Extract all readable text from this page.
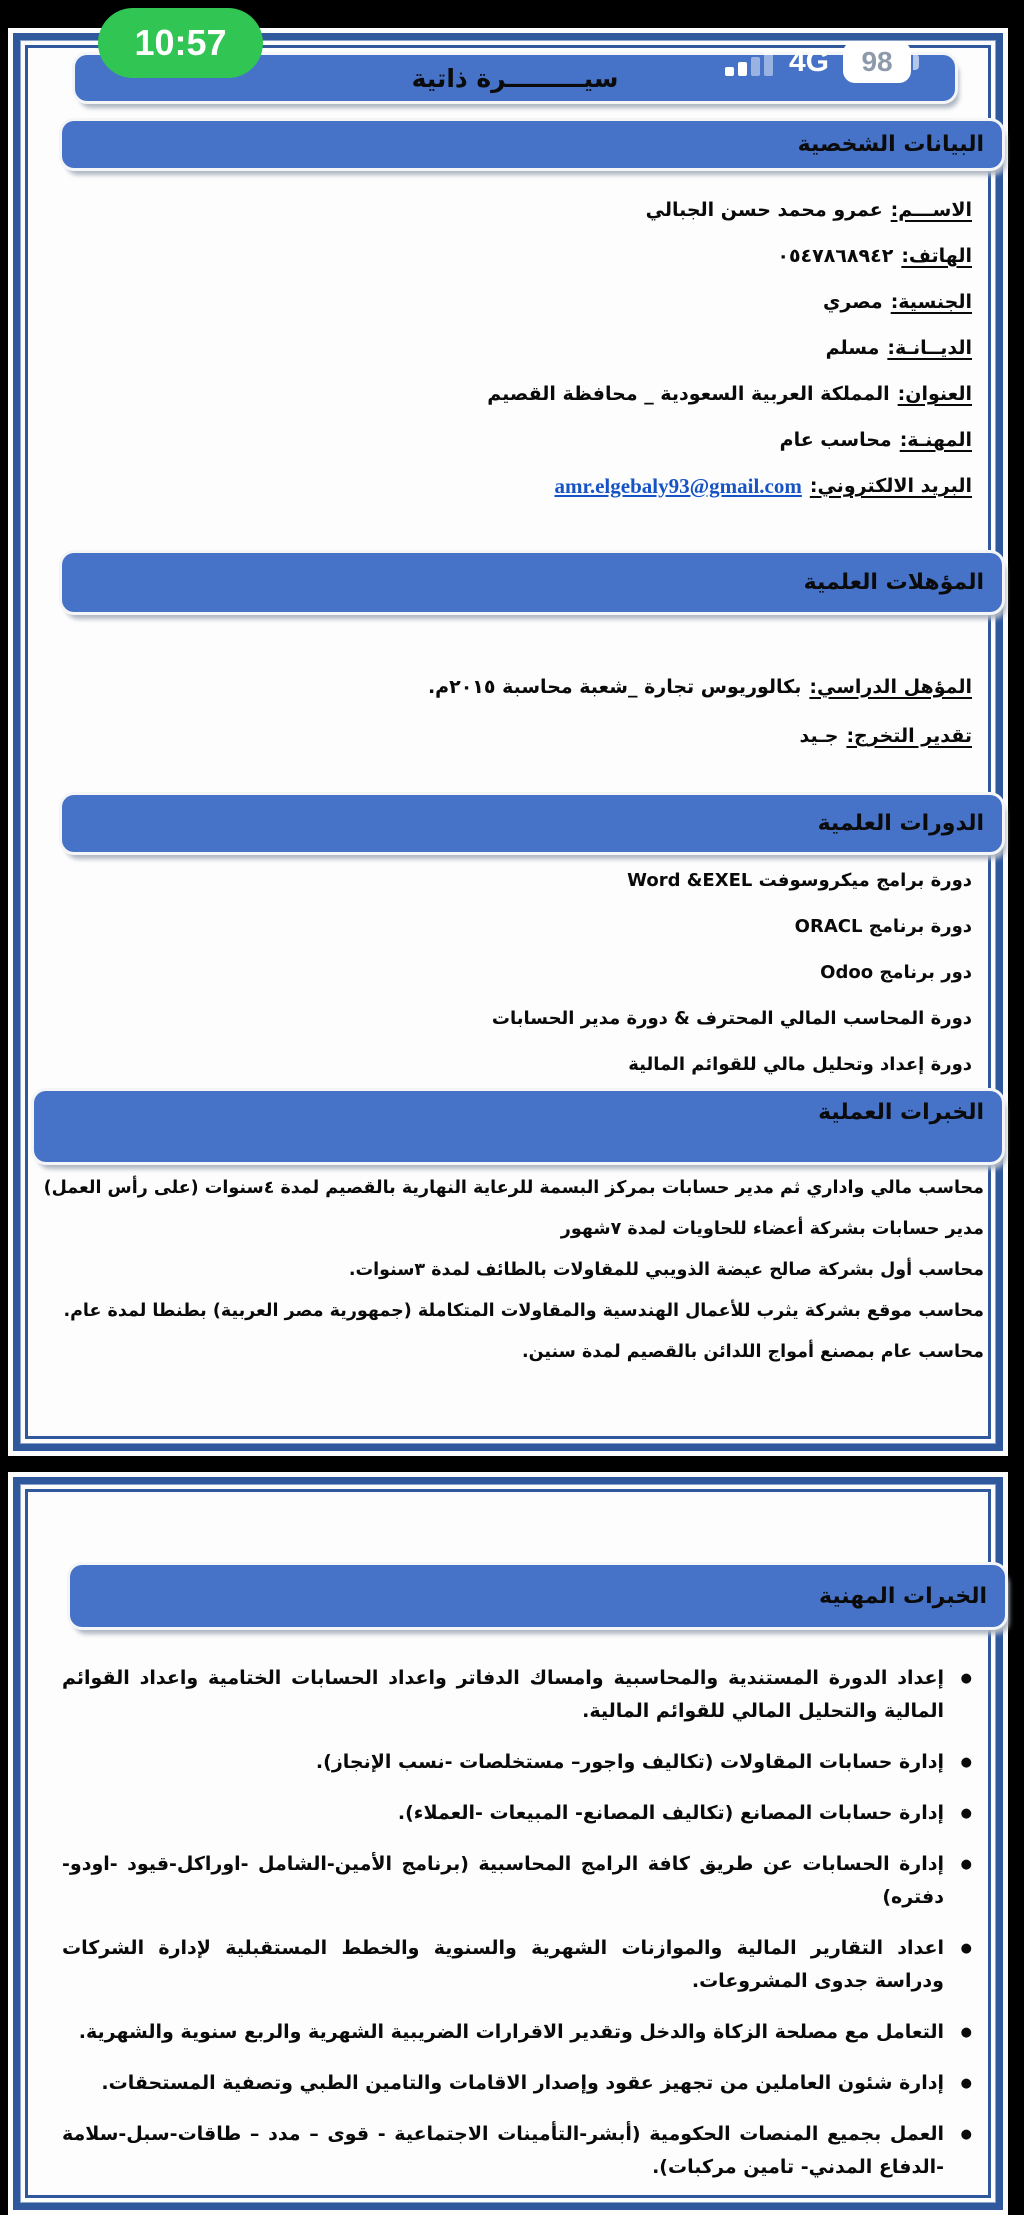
سيـــــــــرة ذاتية
البيانات الشخصية
المؤهلات العلمية
الدورات العلمية
الخبرات العملية
الخبرات المهنية
الاســـم:
عمرو محمد حسن الجبالي
الهاتف:
٠٥٤٧٨٦٨٩٤٢
الجنسية:
مصري
الديــانـة:
مسلم
العنوان:
المملكة العربية السعودية _ محافظة القصيم
المهنـة:
محاسب عام
البريد الالكتروني:
amr.elgebaly93@gmail.com
المؤهل الدراسي:
بكالوريوس تجارة _شعبة محاسبة ٢٠١٥م.
تقدير التخرج:
جـيد
دورة برامج ميكروسوفت Word &EXEL
دورة برنامج ORACL
دور برنامج Odoo
دورة المحاسب المالي المحترف & دورة مدير الحسابات
دورة إعداد وتحليل مالي للقوائم المالية
محاسب مالي واداري ثم مدير حسابات بمركز البسمة للرعاية النهارية بالقصيم لمدة ٤سنوات (على رأس العمل)
مدير حسابات بشركة أعضاء للحاويات لمدة ٧شهور
محاسب أول بشركة صالح عيضة الذويبي للمقاولات بالطائف لمدة ٣سنوات.
محاسب موقع بشركة يثرب للأعمال الهندسية والمقاولات المتكاملة (جمهورية مصر العربية) بطنطا لمدة عام.
محاسب عام بمصنع أمواج اللدائن بالقصيم لمدة سنين.
●
إعداد الدورة المستندية والمحاسبية وامساك الدفاتر واعداد الحسابات الختامية واعداد القوائم المالية والتحليل المالي للقوائم المالية.
●
إدارة حسابات المقاولات (تكاليف واجور– مستخلصات -نسب الإنجاز).
●
إدارة حسابات المصانع (تكاليف المصانع- المبيعات -العملاء).
●
إدارة الحسابات عن طريق كافة الرامج المحاسبية (برنامج الأمين-الشامل -اوراكل-قيود -اودو-دفتره)
●
اعداد التقارير المالية والموازنات الشهرية والسنوية والخطط المستقبلية لإدارة الشركات ودراسة جدوى المشروعات.
●
التعامل مع مصلحة الزكاة والدخل وتقدير الاقرارات الضريبية الشهرية والربع سنوية والشهرية.
●
إدارة شئون العاملين من تجهيز عقود وإصدار الاقامات والتامين الطبي وتصفية المستحقات.
●
العمل بجميع المنصات الحكومية (أبشر-التأمينات الاجتماعية - قوى – مدد – طاقات-سبل-سلامة -الدفاع المدني- تامين مركبات).
10:57	4G 98
